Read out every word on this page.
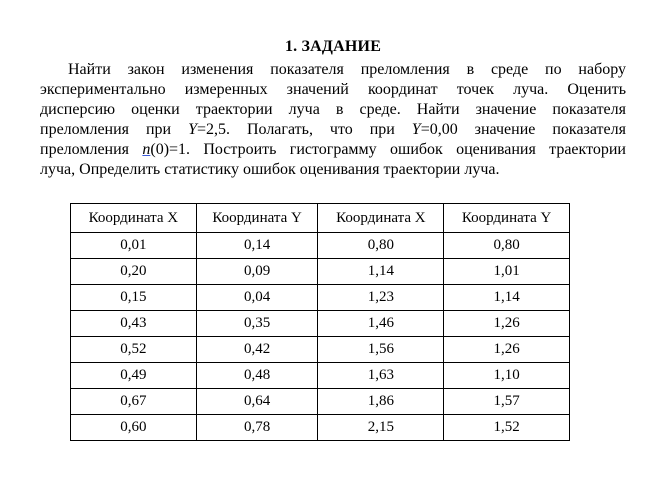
1. ЗАДАНИЕ
Найти закон изменения показателя преломления в среде по набору
экспериментально измеренных значений координат точек луча. Оценить
дисперсию оценки траектории луча в среде. Найти значение показателя
преломления при Y=2,5. Полагать, что при Y=0,00 значение показателя
преломления n(0)=1. Построить гистограмму ошибок оценивания траектории
луча, Определить статистику ошибок оценивания траектории луча.
Координата X	Координата Y	Координата X	Координата Y
0,01	0,14	0,80	0,80
0,20	0,09	1,14	1,01
0,15	0,04	1,23	1,14
0,43	0,35	1,46	1,26
0,52	0,42	1,56	1,26
0,49	0,48	1,63	1,10
0,67	0,64	1,86	1,57
0,60	0,78	2,15	1,52
